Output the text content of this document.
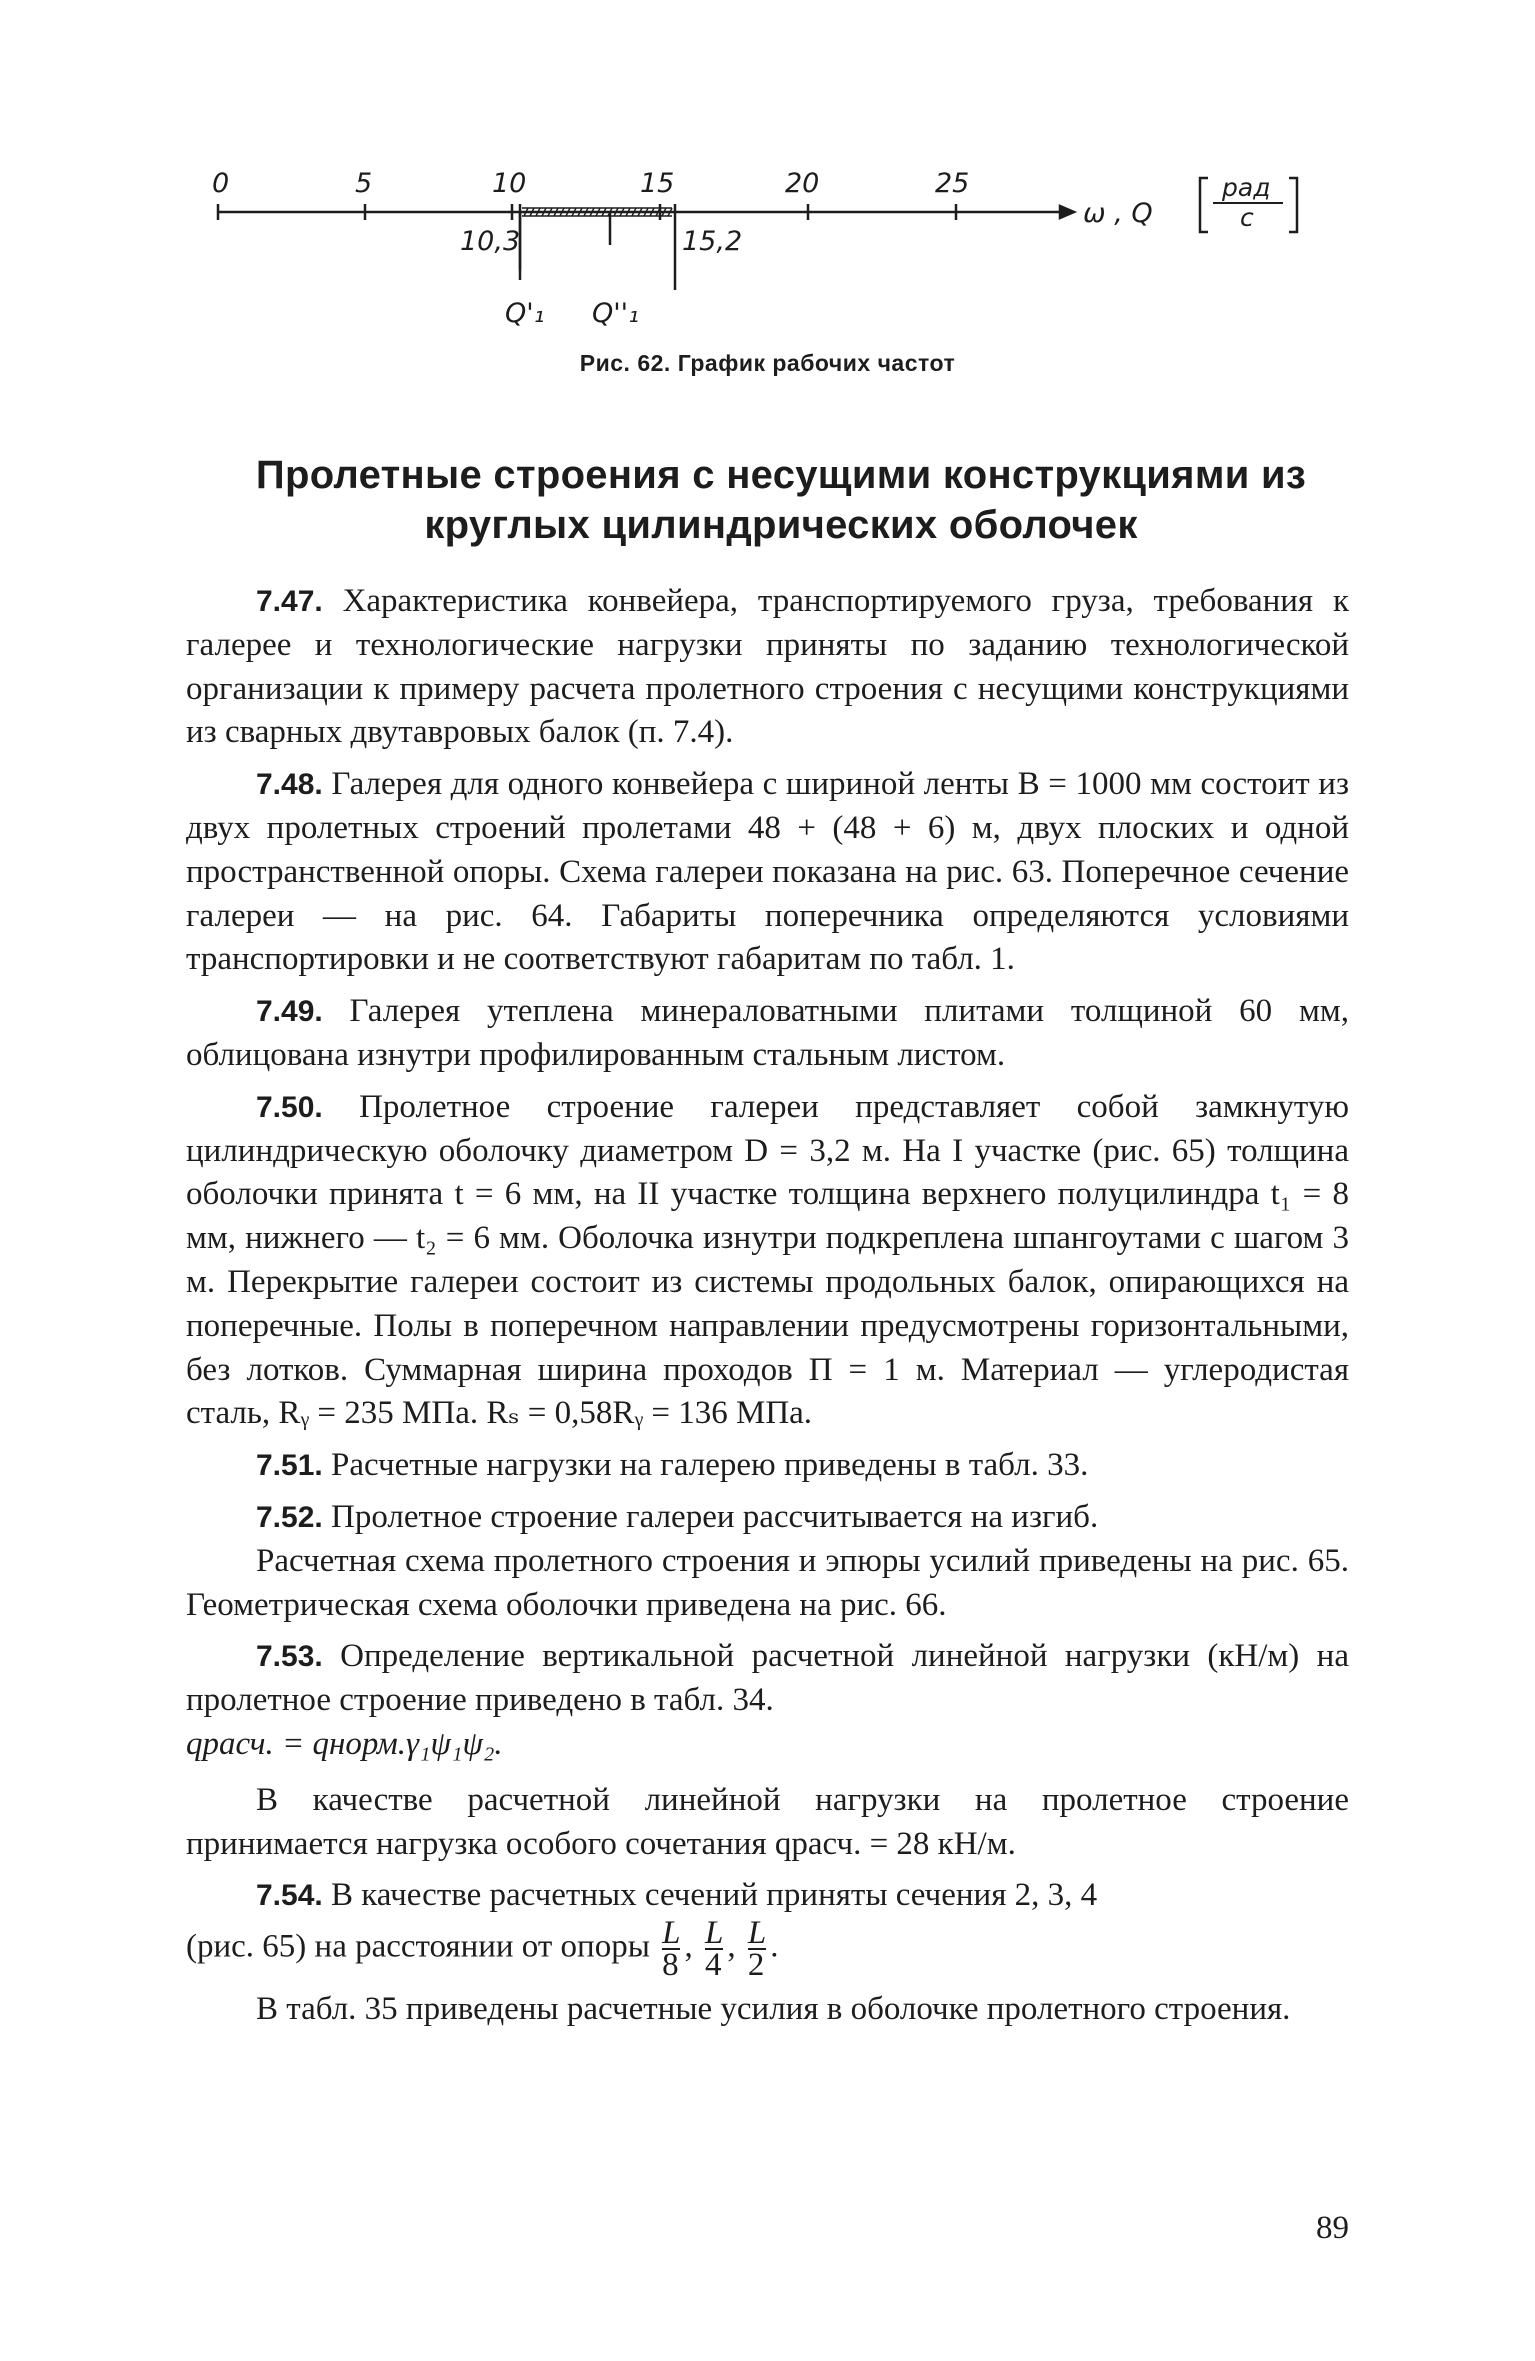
0	5	10	15	20	25
10,3	15,2
Q'₁ Q''₁
ω , Q
рад
c
Рис. 62. График рабочих частот
Пролетные строения с несущими конструкциями из круглых цилиндрических оболочек

7.47. Характеристика конвейера, транспортируемого груза, требования к галерее и технологические нагрузки приняты по заданию технологической организации к примеру расчета пролетного строения с несущими конструкциями из сварных двутавровых балок (п. 7.4).

7.48. Галерея для одного конвейера с шириной ленты B = 1000 мм состоит из двух пролетных строений пролетами 48 + (48 + 6) м, двух плоских и одной пространственной опоры. Схема галереи показана на рис. 63. Поперечное сечение галереи — на рис. 64. Габариты поперечника определяются условиями транспортировки и не соответствуют габаритам по табл. 1.

7.49. Галерея утеплена минераловатными плитами толщиной 60 мм, облицована изнутри профилированным стальным листом.

7.50. Пролетное строение галереи представляет собой замкнутую цилиндрическую оболочку диаметром D = 3,2 м. На I участке (рис. 65) толщина оболочки принята t = 6 мм, на II участке толщина верхнего полуцилиндра t₁ = 8 мм, нижнего — t₂ = 6 мм. Оболочка изнутри подкреплена шпангоутами с шагом 3 м. Перекрытие галереи состоит из системы продольных балок, опирающихся на поперечные. Полы в поперечном направлении предусмотрены горизонтальными, без лотков. Суммарная ширина проходов П = 1 м. Материал — углеродистая сталь, Rᵧ = 235 МПа. Rₛ = 0,58Rᵧ = 136 МПа.

7.51. Расчетные нагрузки на галерею приведены в табл. 33.

7.52. Пролетное строение галереи рассчитывается на изгиб.

Расчетная схема пролетного строения и эпюры усилий приведены на рис. 65. Геометрическая схема оболочки приведена на рис. 66.

7.53. Определение вертикальной расчетной линейной нагрузки (кН/м) на пролетное строение приведено в табл. 34.

qрасч. = qнорм.γ₁ψ₁ψ₂.

В качестве расчетной линейной нагрузки на пролетное строение принимается нагрузка особого сочетания qрасч. = 28 кН/м.

7.54. В качестве расчетных сечений приняты сечения 2, 3, 4

(рис. 65) на расстоянии от опоры $\frac{L}{8}$ , $\frac{L}{4}$ , $\frac{L}{2}$ .

В табл. 35 приведены расчетные усилия в оболочке пролетного строения.

89
